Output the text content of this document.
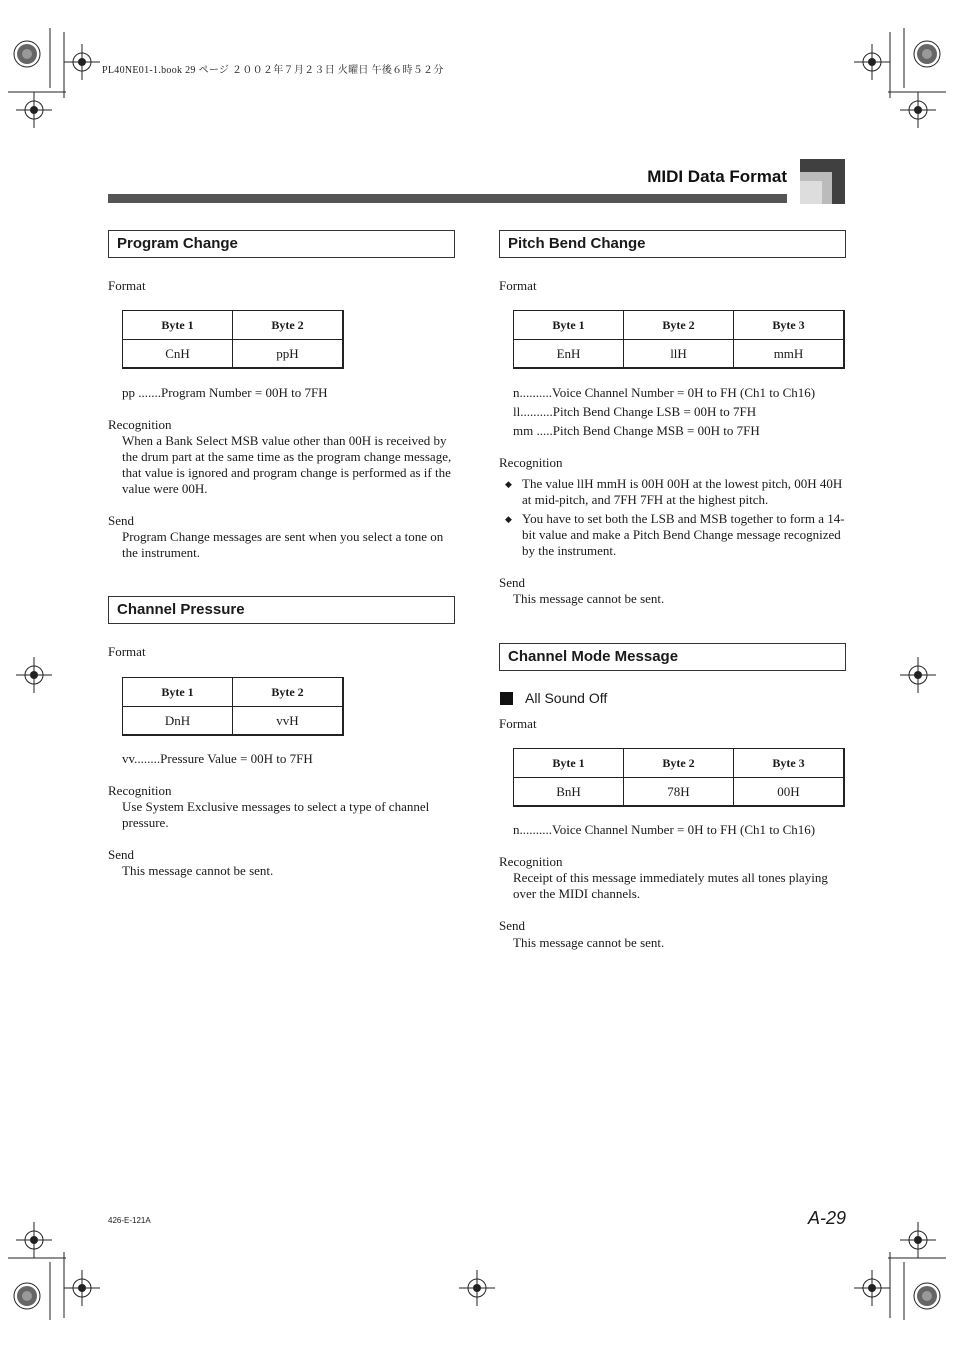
PL40NE01-1.book 29 ページ ２００２年７月２３日 火曜日 午後６時５２分
MIDI Data Format
Program Change
Format
Byte 1	Byte 2
CnH	ppH
pp .......Program Number = 00H to 7FH
Recognition
When a Bank Select MSB value other than 00H is received by the drum part at the same time as the program change message, that value is ignored and program change is performed as if the value were 00H.
Send
Program Change messages are sent when you select a tone on the instrument.
Channel Pressure
Format
Byte 1	Byte 2
DnH	vvH
vv........Pressure Value = 00H to 7FH
Recognition
Use System Exclusive messages to select a type of channel pressure.
Send
This message cannot be sent.
Pitch Bend Change
Format
Byte 1	Byte 2	Byte 3
EnH	llH	mmH
n..........Voice Channel Number = 0H to FH (Ch1 to Ch16)
ll..........Pitch Bend Change LSB = 00H to 7FH
mm .....Pitch Bend Change MSB = 00H to 7FH
Recognition
◆ The value llH mmH is 00H 00H at the lowest pitch, 00H 40H at mid-pitch, and 7FH 7FH at the highest pitch.
◆ You have to set both the LSB and MSB together to form a 14-bit value and make a Pitch Bend Change message recognized by the instrument.
Send
This message cannot be sent.
Channel Mode Message
All Sound Off
Format
Byte 1	Byte 2	Byte 3
BnH	78H	00H
n..........Voice Channel Number = 0H to FH (Ch1 to Ch16)
Recognition
Receipt of this message immediately mutes all tones playing over the MIDI channels.
Send
This message cannot be sent.
426-E-121A	A-29
